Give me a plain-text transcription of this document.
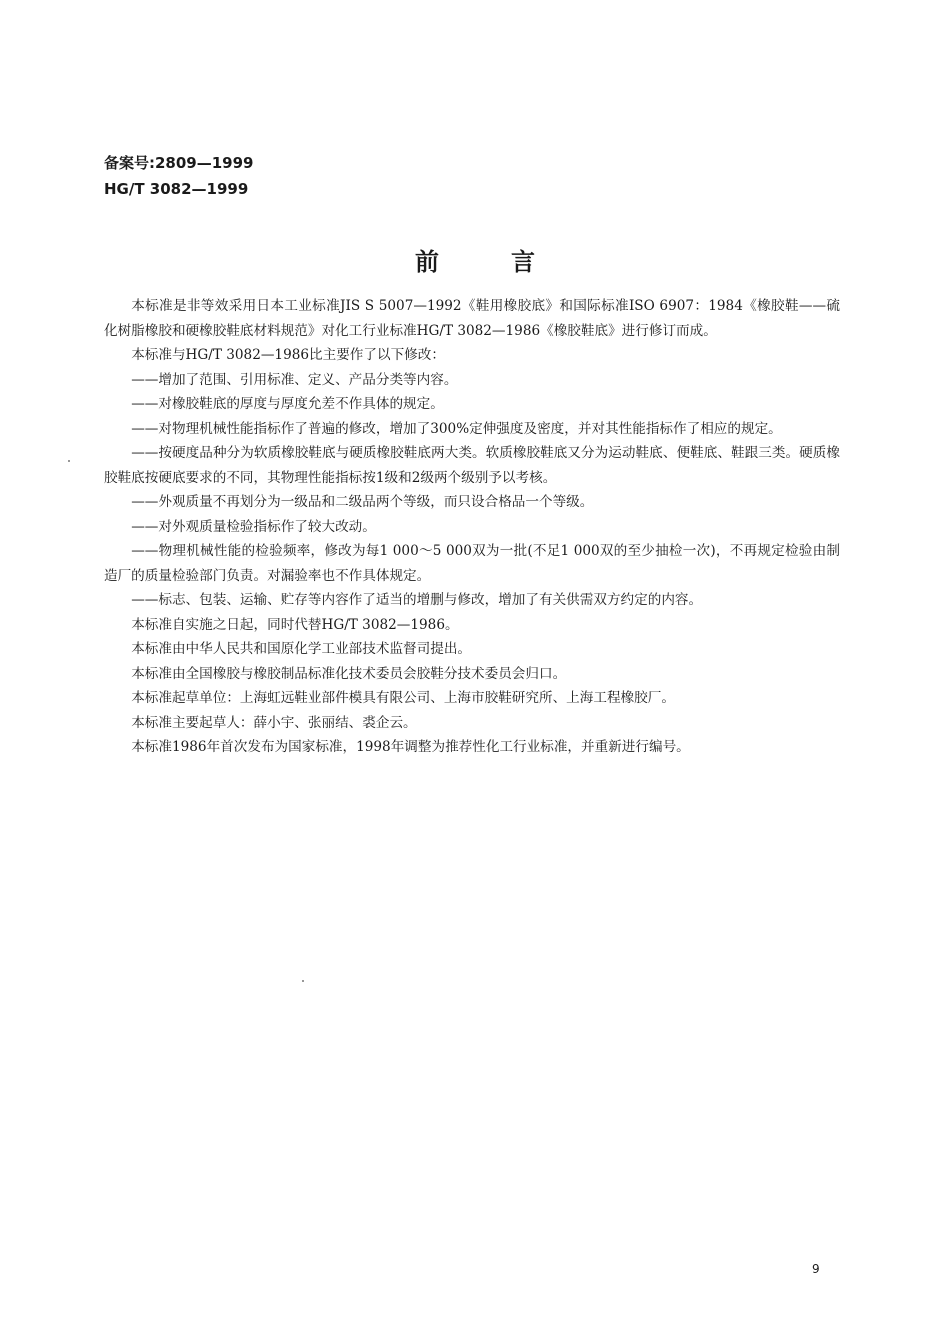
备案号:2809—1999
HG/T 3082—1999
前言

本标准是非等效采用日本工业标准JIS S 5007—1992《鞋用橡胶底》和国际标准ISO 6907：1984《橡胶鞋——硫化树脂橡胶和硬橡胶鞋底材料规范》对化工行业标准HG/T 3082—1986《橡胶鞋底》进行修订而成。

本标准与HG/T 3082—1986比主要作了以下修改：

——增加了范围、引用标准、定义、产品分类等内容。

——对橡胶鞋底的厚度与厚度允差不作具体的规定。

——对物理机械性能指标作了普遍的修改，增加了300%定伸强度及密度，并对其性能指标作了相应的规定。

——按硬度品种分为软质橡胶鞋底与硬质橡胶鞋底两大类。软质橡胶鞋底又分为运动鞋底、便鞋底、鞋跟三类。硬质橡胶鞋底按硬底要求的不同，其物理性能指标按1级和2级两个级别予以考核。

——外观质量不再划分为一级品和二级品两个等级，而只设合格品一个等级。

——对外观质量检验指标作了较大改动。

——物理机械性能的检验频率，修改为每1 000～5 000双为一批(不足1 000双的至少抽检一次)，不再规定检验由制造厂的质量检验部门负责。对漏验率也不作具体规定。

——标志、包装、运输、贮存等内容作了适当的增删与修改，增加了有关供需双方约定的内容。

本标准自实施之日起，同时代替HG/T 3082—1986。

本标准由中华人民共和国原化学工业部技术监督司提出。

本标准由全国橡胶与橡胶制品标准化技术委员会胶鞋分技术委员会归口。

本标准起草单位：上海虹远鞋业部件模具有限公司、上海市胶鞋研究所、上海工程橡胶厂。

本标准主要起草人：薛小宇、张丽结、裘企云。

本标准1986年首次发布为国家标准，1998年调整为推荐性化工行业标准，并重新进行编号。

9
